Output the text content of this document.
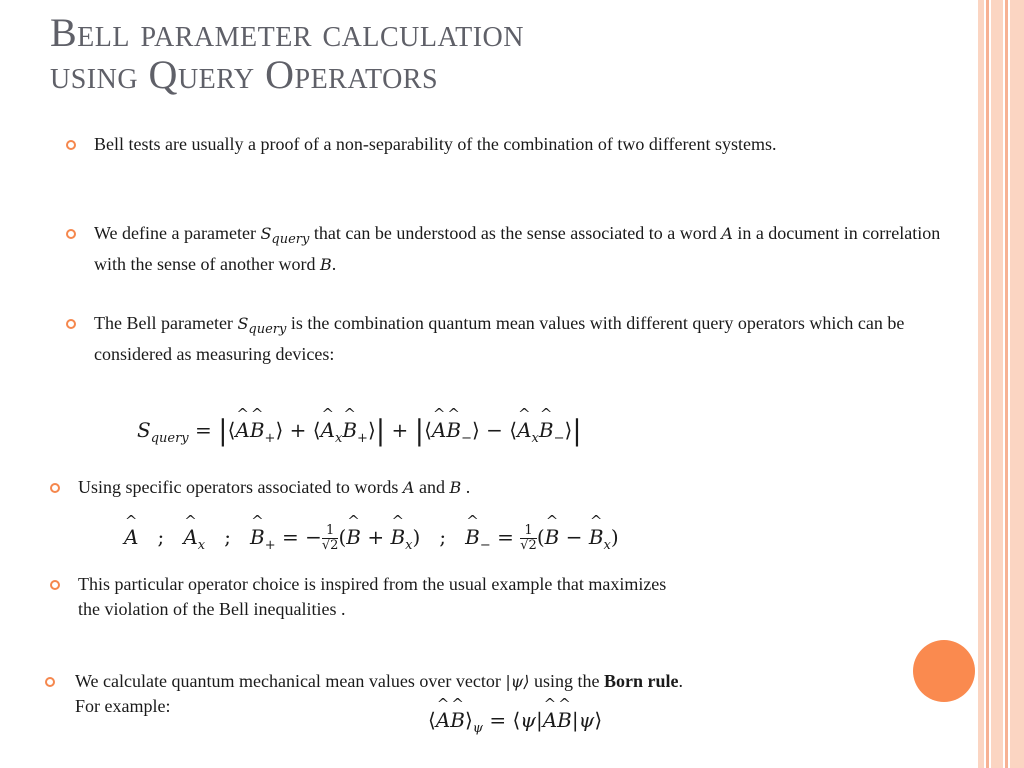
Bell parameter calculation
using Query Operators
Bell tests are usually a proof of a non-separability of the combination of two different systems.
We define a parameter $S_{query}$ that can be understood as the sense associated to a word A in a document in correlation with the sense of another word B.
The Bell parameter $S_{query}$ is the combination quantum mean values with different query operators which can be considered as measuring devices:
$S_{query}$ = |⟨^ A^ $B_+⟩$ + ⟨^ $A_x\^{}$ $B_+⟩|$ + |⟨^ A^ $B_-⟩$ − ⟨^ $A_x\^{}$ $B_-⟩|$
Using specific operators associated to words A and B .
^ A   ;   ^ $A_x$   ;   ^ $B_+$ = − $\frac{1}{√2}$ (^ B + ^ $B_x$)   ;   ^ $B_- = \frac{1}{√2}$ (^ B − ^ $B_x$)
This particular operator choice is inspired from the usual example that maximizes
the violation of the Bell inequalities .
We calculate quantum mechanical mean values over vector |ψ⟩ using the Born rule.
For example:
⟨^ A^ $B⟩_\psi$ = ⟨ψ|^ A^ B|ψ⟩
